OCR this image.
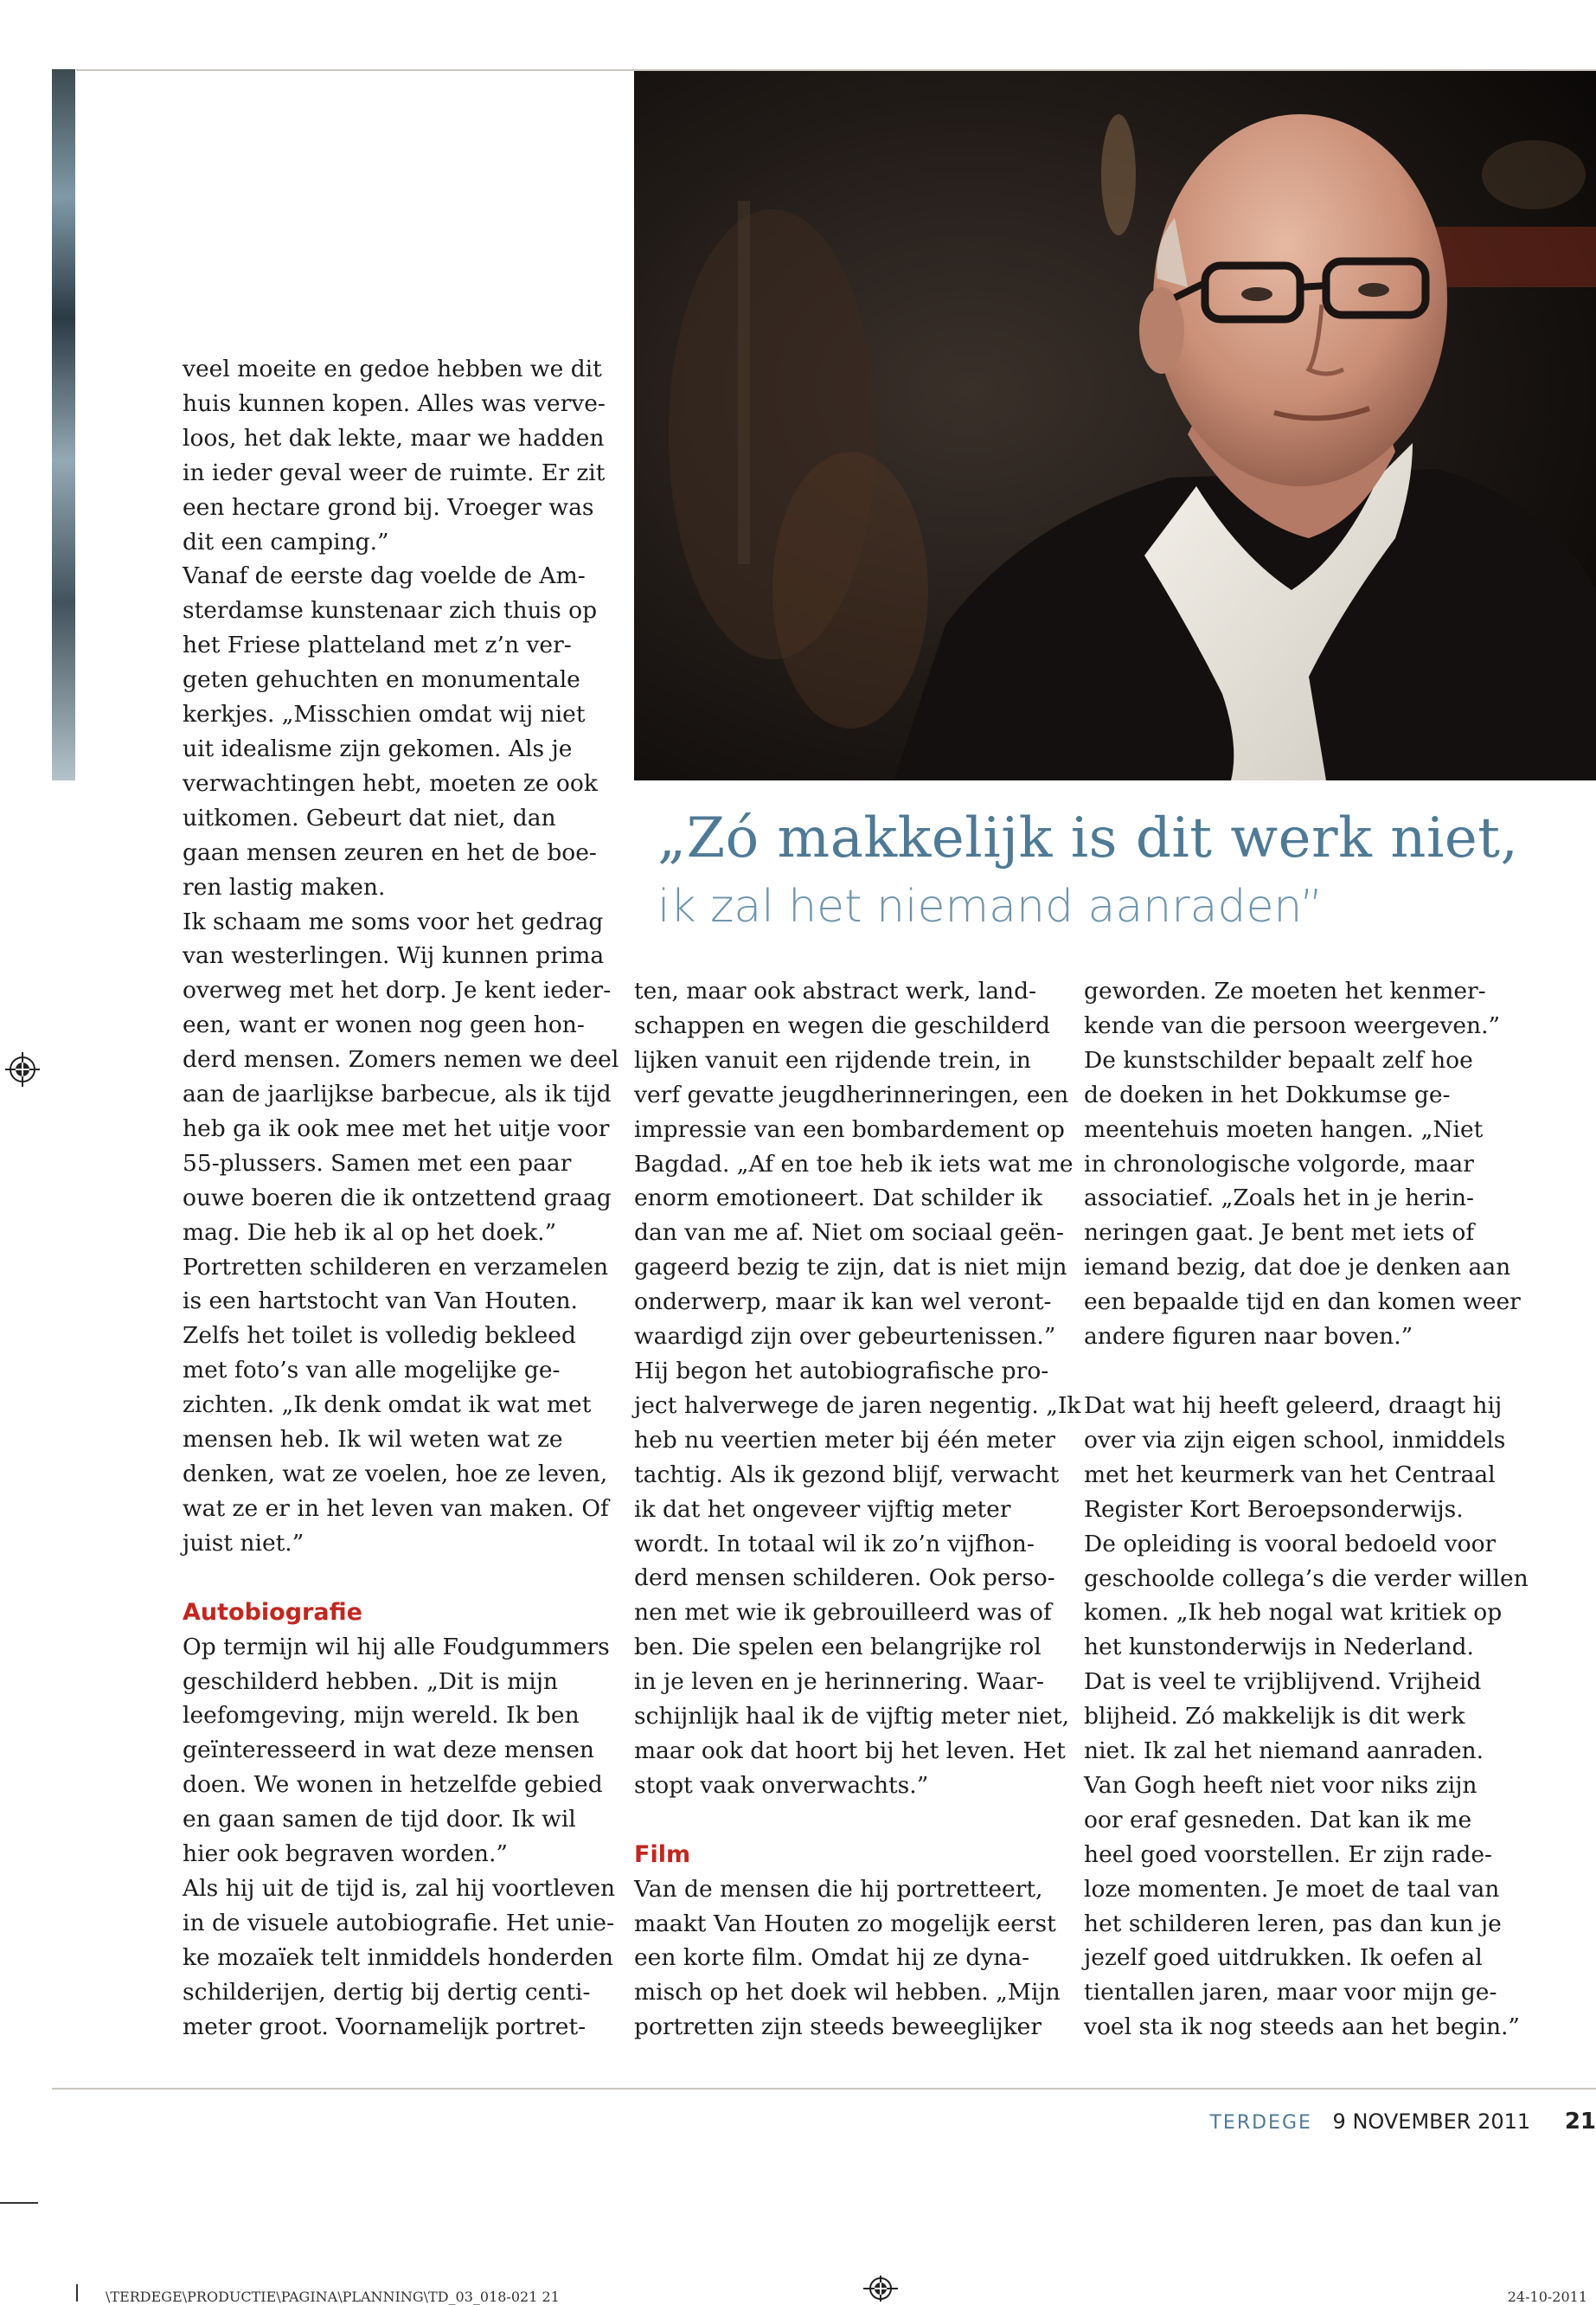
„Zó makkelijk is dit werk niet,
ik zal het niemand aanraden”

veel moeite en gedoe hebben we dit

huis kunnen kopen. Alles was verve-

loos, het dak lekte, maar we hadden

in ieder geval weer de ruimte. Er zit

een hectare grond bij. Vroeger was

dit een camping.”

Vanaf de eerste dag voelde de Am-

sterdamse kunstenaar zich thuis op

het Friese platteland met z’n ver-

geten gehuchten en monumentale

kerkjes. „Misschien omdat wij niet

uit idealisme zijn gekomen. Als je

verwachtingen hebt, moeten ze ook

uitkomen. Gebeurt dat niet, dan

gaan mensen zeuren en het de boe-

ren lastig maken.

Ik schaam me soms voor het gedrag

van westerlingen. Wij kunnen prima

overweg met het dorp. Je kent ieder-

een, want er wonen nog geen hon-

derd mensen. Zomers nemen we deel

aan de jaarlijkse barbecue, als ik tijd

heb ga ik ook mee met het uitje voor

55-plussers. Samen met een paar

ouwe boeren die ik ontzettend graag

mag. Die heb ik al op het doek.”

Portretten schilderen en verzamelen

is een hartstocht van Van Houten.

Zelfs het toilet is volledig bekleed

met foto’s van alle mogelijke ge-

zichten. „Ik denk omdat ik wat met

mensen heb. Ik wil weten wat ze

denken, wat ze voelen, hoe ze leven,

wat ze er in het leven van maken. Of

juist niet.”

Autobiografie

Op termijn wil hij alle Foudgummers

geschilderd hebben. „Dit is mijn

leefomgeving, mijn wereld. Ik ben

geïnteresseerd in wat deze mensen

doen. We wonen in hetzelfde gebied

en gaan samen de tijd door. Ik wil

hier ook begraven worden.”

Als hij uit de tijd is, zal hij voortleven

in de visuele autobiografie. Het unie-

ke mozaïek telt inmiddels honderden

schilderijen, dertig bij dertig centi-

meter groot. Voornamelijk portret-

ten, maar ook abstract werk, land-

schappen en wegen die geschilderd

lijken vanuit een rijdende trein, in

verf gevatte jeugdherinneringen, een

impressie van een bombardement op

Bagdad. „Af en toe heb ik iets wat me

enorm emotioneert. Dat schilder ik

dan van me af. Niet om sociaal geën-

gageerd bezig te zijn, dat is niet mijn

onderwerp, maar ik kan wel veront-

waardigd zijn over gebeurtenissen.”

Hij begon het autobiografische pro-

ject halverwege de jaren negentig. „Ik

heb nu veertien meter bij één meter

tachtig. Als ik gezond blijf, verwacht

ik dat het ongeveer vijftig meter

wordt. In totaal wil ik zo’n vijfhon-

derd mensen schilderen. Ook perso-

nen met wie ik gebrouilleerd was of

ben. Die spelen een belangrijke rol

in je leven en je herinnering. Waar-

schijnlijk haal ik de vijftig meter niet,

maar ook dat hoort bij het leven. Het

stopt vaak onverwachts.”

Film

Van de mensen die hij portretteert,

maakt Van Houten zo mogelijk eerst

een korte film. Omdat hij ze dyna-

misch op het doek wil hebben. „Mijn

portretten zijn steeds beweeglijker

geworden. Ze moeten het kenmer-

kende van die persoon weergeven.”

De kunstschilder bepaalt zelf hoe

de doeken in het Dokkumse ge-

meentehuis moeten hangen. „Niet

in chronologische volgorde, maar

associatief. „Zoals het in je herin-

neringen gaat. Je bent met iets of

iemand bezig, dat doe je denken aan

een bepaalde tijd en dan komen weer

andere figuren naar boven.”

Dat wat hij heeft geleerd, draagt hij

over via zijn eigen school, inmiddels

met het keurmerk van het Centraal

Register Kort Beroepsonderwijs.

De opleiding is vooral bedoeld voor

geschoolde collega’s die verder willen

komen. „Ik heb nogal wat kritiek op

het kunstonderwijs in Nederland.

Dat is veel te vrijblijvend. Vrijheid

blijheid. Zó makkelijk is dit werk

niet. Ik zal het niemand aanraden.

Van Gogh heeft niet voor niks zijn

oor eraf gesneden. Dat kan ik me

heel goed voorstellen. Er zijn rade-

loze momenten. Je moet de taal van

het schilderen leren, pas dan kun je

jezelf goed uitdrukken. Ik oefen al

tientallen jaren, maar voor mijn ge-

voel sta ik nog steeds aan het begin.”

TERDEGE 9 NOVEMBER 2011 21
\TERDEGE\PRODUCTIE\PAGINA\PLANNING\TD_03_018-021 21	24-10-2011
